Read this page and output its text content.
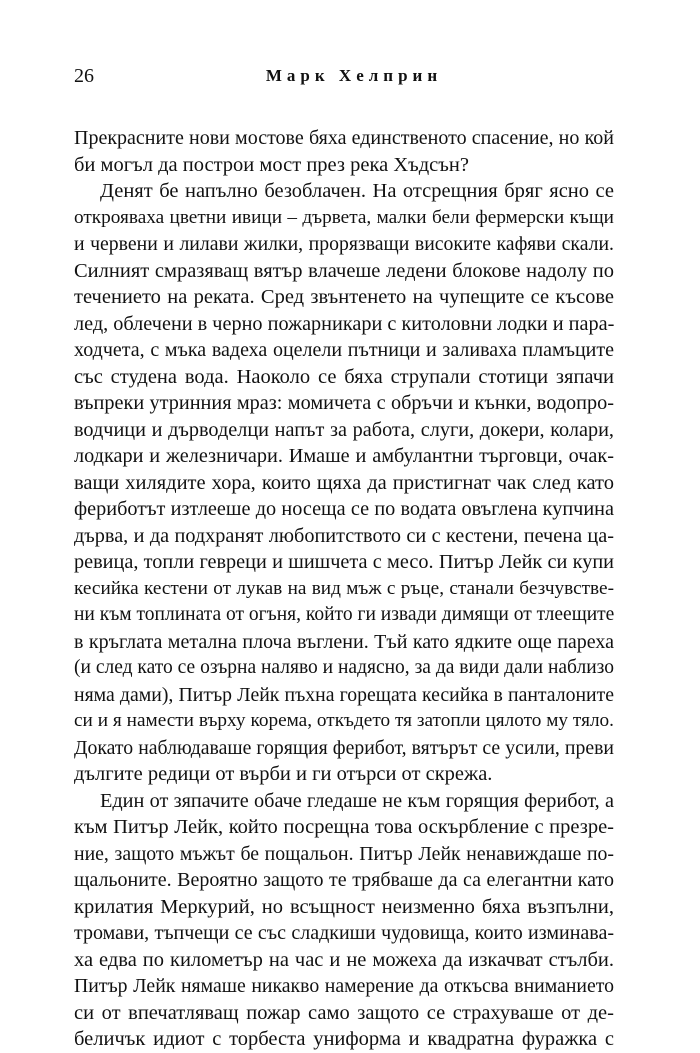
26	Марк Хелприн
Прекрасните нови мостове бяха единственото спасение, но кой
би могъл да построи мост през река Хъдсън?
Денят бе напълно безоблачен. На отсрещния бряг ясно се
открояваха цветни ивици – дървета, малки бели фермерски къщи
и червени и лилави жилки, прорязващи високите кафяви скали.
Силният смразяващ вятър влачеше ледени блокове надолу по
течението на реката. Сред звънтенето на чупещите се късове
лед, облечени в черно пожарникари с китоловни лодки и пара-
ходчета, с мъка вадеха оцелели пътници и заливаха пламъците
със студена вода. Наоколо се бяха струпали стотици зяпачи
въпреки утринния мраз: момичета с обръчи и кънки, водопро-
водчици и дърводелци напът за работа, слуги, докери, колари,
лодкари и железничари. Имаше и амбулантни търговци, очак-
ващи хилядите хора, които щяха да пристигнат чак след като
фериботът изтлееше до носеща се по водата овъглена купчина
дърва, и да подхранят любопитството си с кестени, печена ца-
ревица, топли гевреци и шишчета с месо. Питър Лейк си купи
кесийка кестени от лукав на вид мъж с ръце, станали безчувстве-
ни към топлината от огъня, който ги извади димящи от тлеещите
в кръглата метална плоча въглени. Тъй като ядките още пареха
(и след като се озърна наляво и надясно, за да види дали наблизо
няма дами), Питър Лейк пъхна горещата кесийка в панталоните
си и я намести върху корема, откъдето тя затопли цялото му тяло.
Докато наблюдаваше горящия ферибот, вятърът се усили, преви
дългите редици от върби и ги отърси от скрежа.
Един от зяпачите обаче гледаше не към горящия ферибот, а
към Питър Лейк, който посрещна това оскърбление с презре-
ние, защото мъжът бе пощальон. Питър Лейк ненавиждаше по-
щальоните. Вероятно защото те трябваше да са елегантни като
крилатия Меркурий, но всъщност неизменно бяха възпълни,
тромави, тъпчещи се със сладкиши чудовища, които изминава-
ха едва по километър на час и не можеха да изкачват стълби.
Питър Лейк нямаше никакво намерение да откъсва вниманието
си от впечатляващ пожар само защото се страхуваше от де-
беличък идиот с торбеста униформа и квадратна фуражка с
